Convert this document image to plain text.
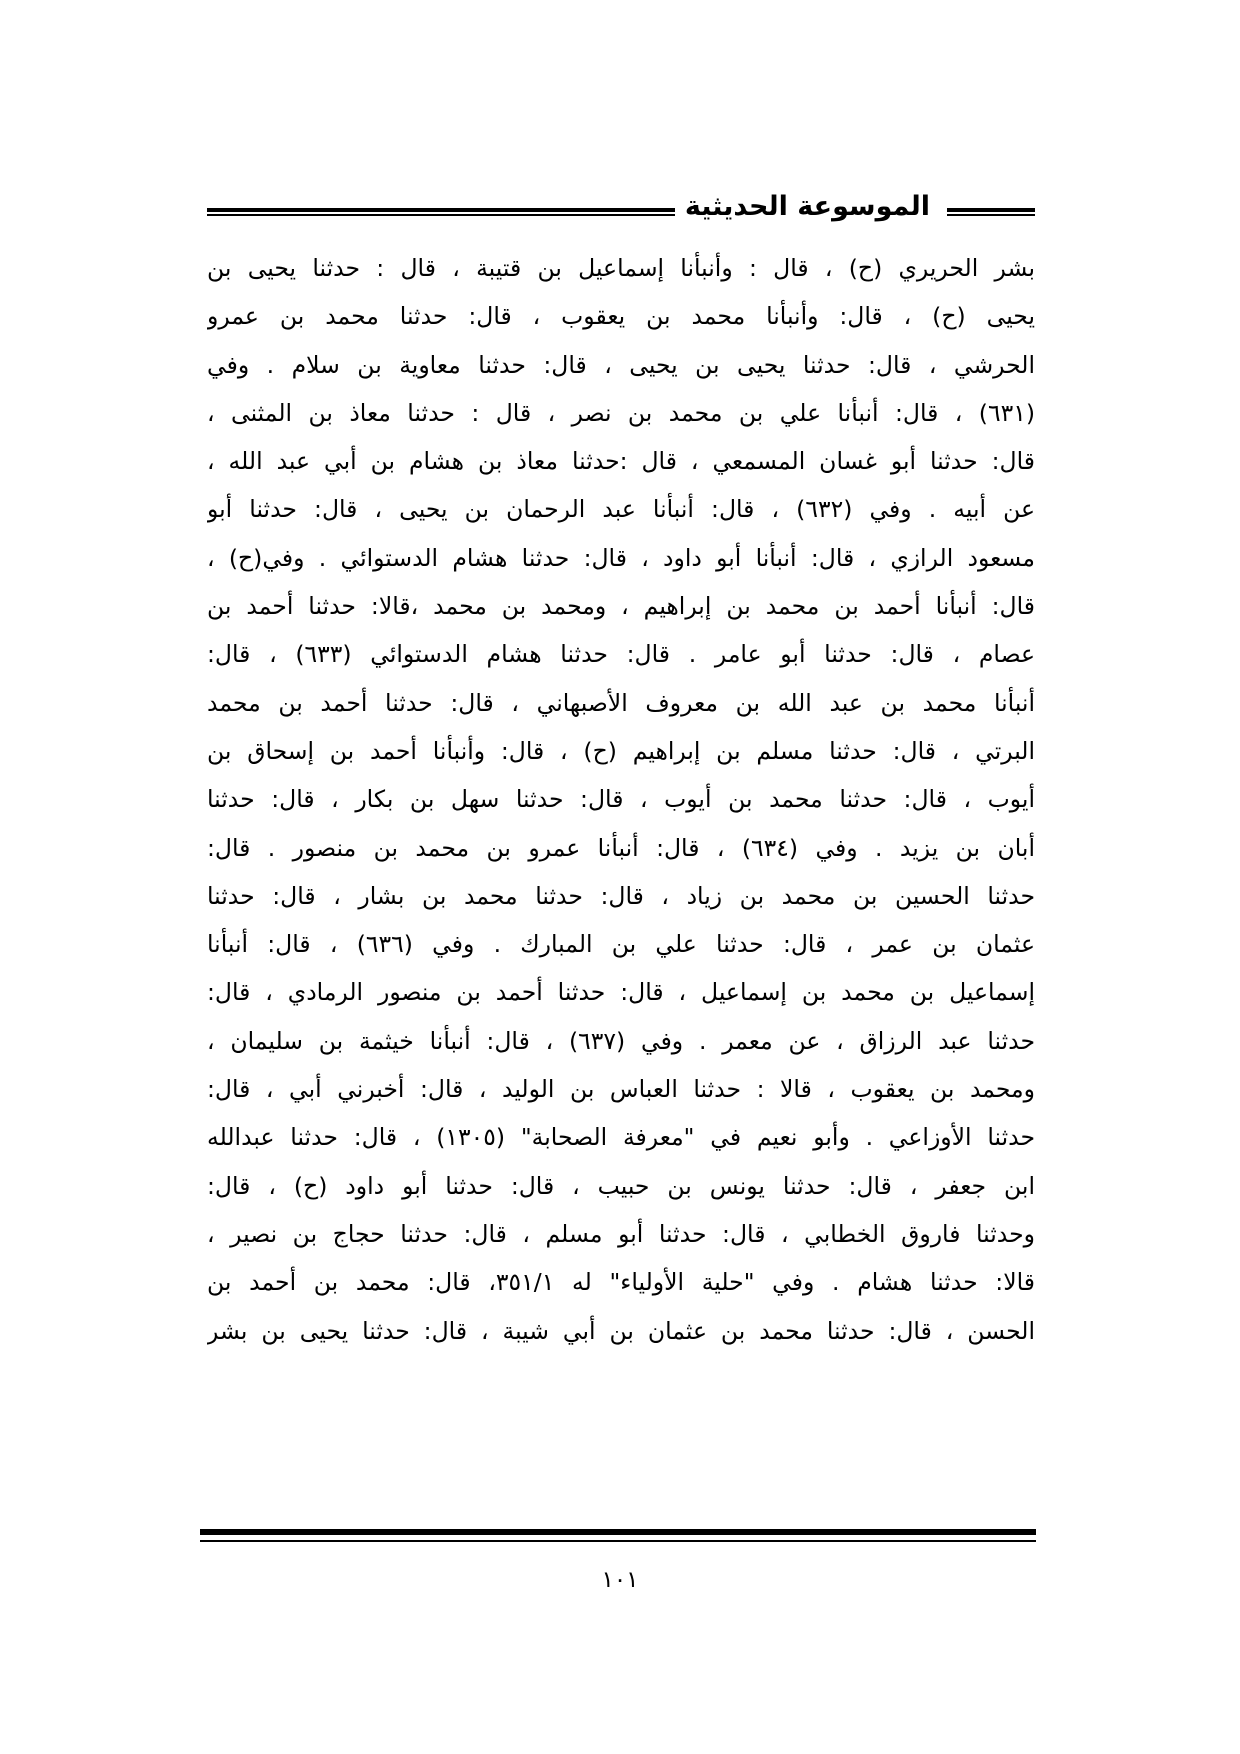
الموسوعة الحديثية
بشر الحريري (ح) ، قال : وأنبأنا إسماعيل بن قتيبة ، قال : حدثنا يحيى بن
يحيى (ح) ، قال: وأنبأنا محمد بن يعقوب ، قال: حدثنا محمد بن عمرو
الحرشي ، قال: حدثنا يحيى بن يحيى ، قال: حدثنا معاوية بن سلام . وفي
(٦٣١) ، قال: أنبأنا علي بن محمد بن نصر ، قال : حدثنا معاذ بن المثنى ،
قال: حدثنا أبو غسان المسمعي ، قال :حدثنا معاذ بن هشام بن أبي عبد الله ،
عن أبيه . وفي (٦٣٢) ، قال: أنبأنا عبد الرحمان بن يحيى ، قال: حدثنا أبو
مسعود الرازي ، قال: أنبأنا أبو داود ، قال: حدثنا هشام الدستوائي . وفي(ح) ،
قال: أنبأنا أحمد بن محمد بن إبراهيم ، ومحمد بن محمد ،قالا: حدثنا أحمد بن
عصام ، قال: حدثنا أبو عامر . قال: حدثنا هشام الدستوائي (٦٣٣) ، قال:
أنبأنا محمد بن عبد الله بن معروف الأصبهاني ، قال: حدثنا أحمد بن محمد
البرتي ، قال: حدثنا مسلم بن إبراهيم (ح) ، قال: وأنبأنا أحمد بن إسحاق بن
أيوب ، قال: حدثنا محمد بن أيوب ، قال: حدثنا سهل بن بكار ، قال: حدثنا
أبان بن يزيد . وفي (٦٣٤) ، قال: أنبأنا عمرو بن محمد بن منصور . قال:
حدثنا الحسين بن محمد بن زياد ، قال: حدثنا محمد بن بشار ، قال: حدثنا
عثمان بن عمر ، قال: حدثنا علي بن المبارك . وفي (٦٣٦) ، قال: أنبأنا
إسماعيل بن محمد بن إسماعيل ، قال: حدثنا أحمد بن منصور الرمادي ، قال:
حدثنا عبد الرزاق ، عن معمر . وفي (٦٣٧) ، قال: أنبأنا خيثمة بن سليمان ،
ومحمد بن يعقوب ، قالا : حدثنا العباس بن الوليد ، قال: أخبرني أبي ، قال:
حدثنا الأوزاعي . وأبو نعيم في "معرفة الصحابة" (١٣٠٥) ، قال: حدثنا عبدالله
ابن جعفر ، قال: حدثنا يونس بن حبيب ، قال: حدثنا أبو داود (ح) ، قال:
وحدثنا فاروق الخطابي ، قال: حدثنا أبو مسلم ، قال: حدثنا حجاج بن نصير ،
قالا: حدثنا هشام . وفي "حلية الأولياء" له ٣٥١/١، قال: محمد بن أحمد بن
الحسن ، قال: حدثنا محمد بن عثمان بن أبي شيبة ، قال: حدثنا يحيى بن بشر
١٠١
